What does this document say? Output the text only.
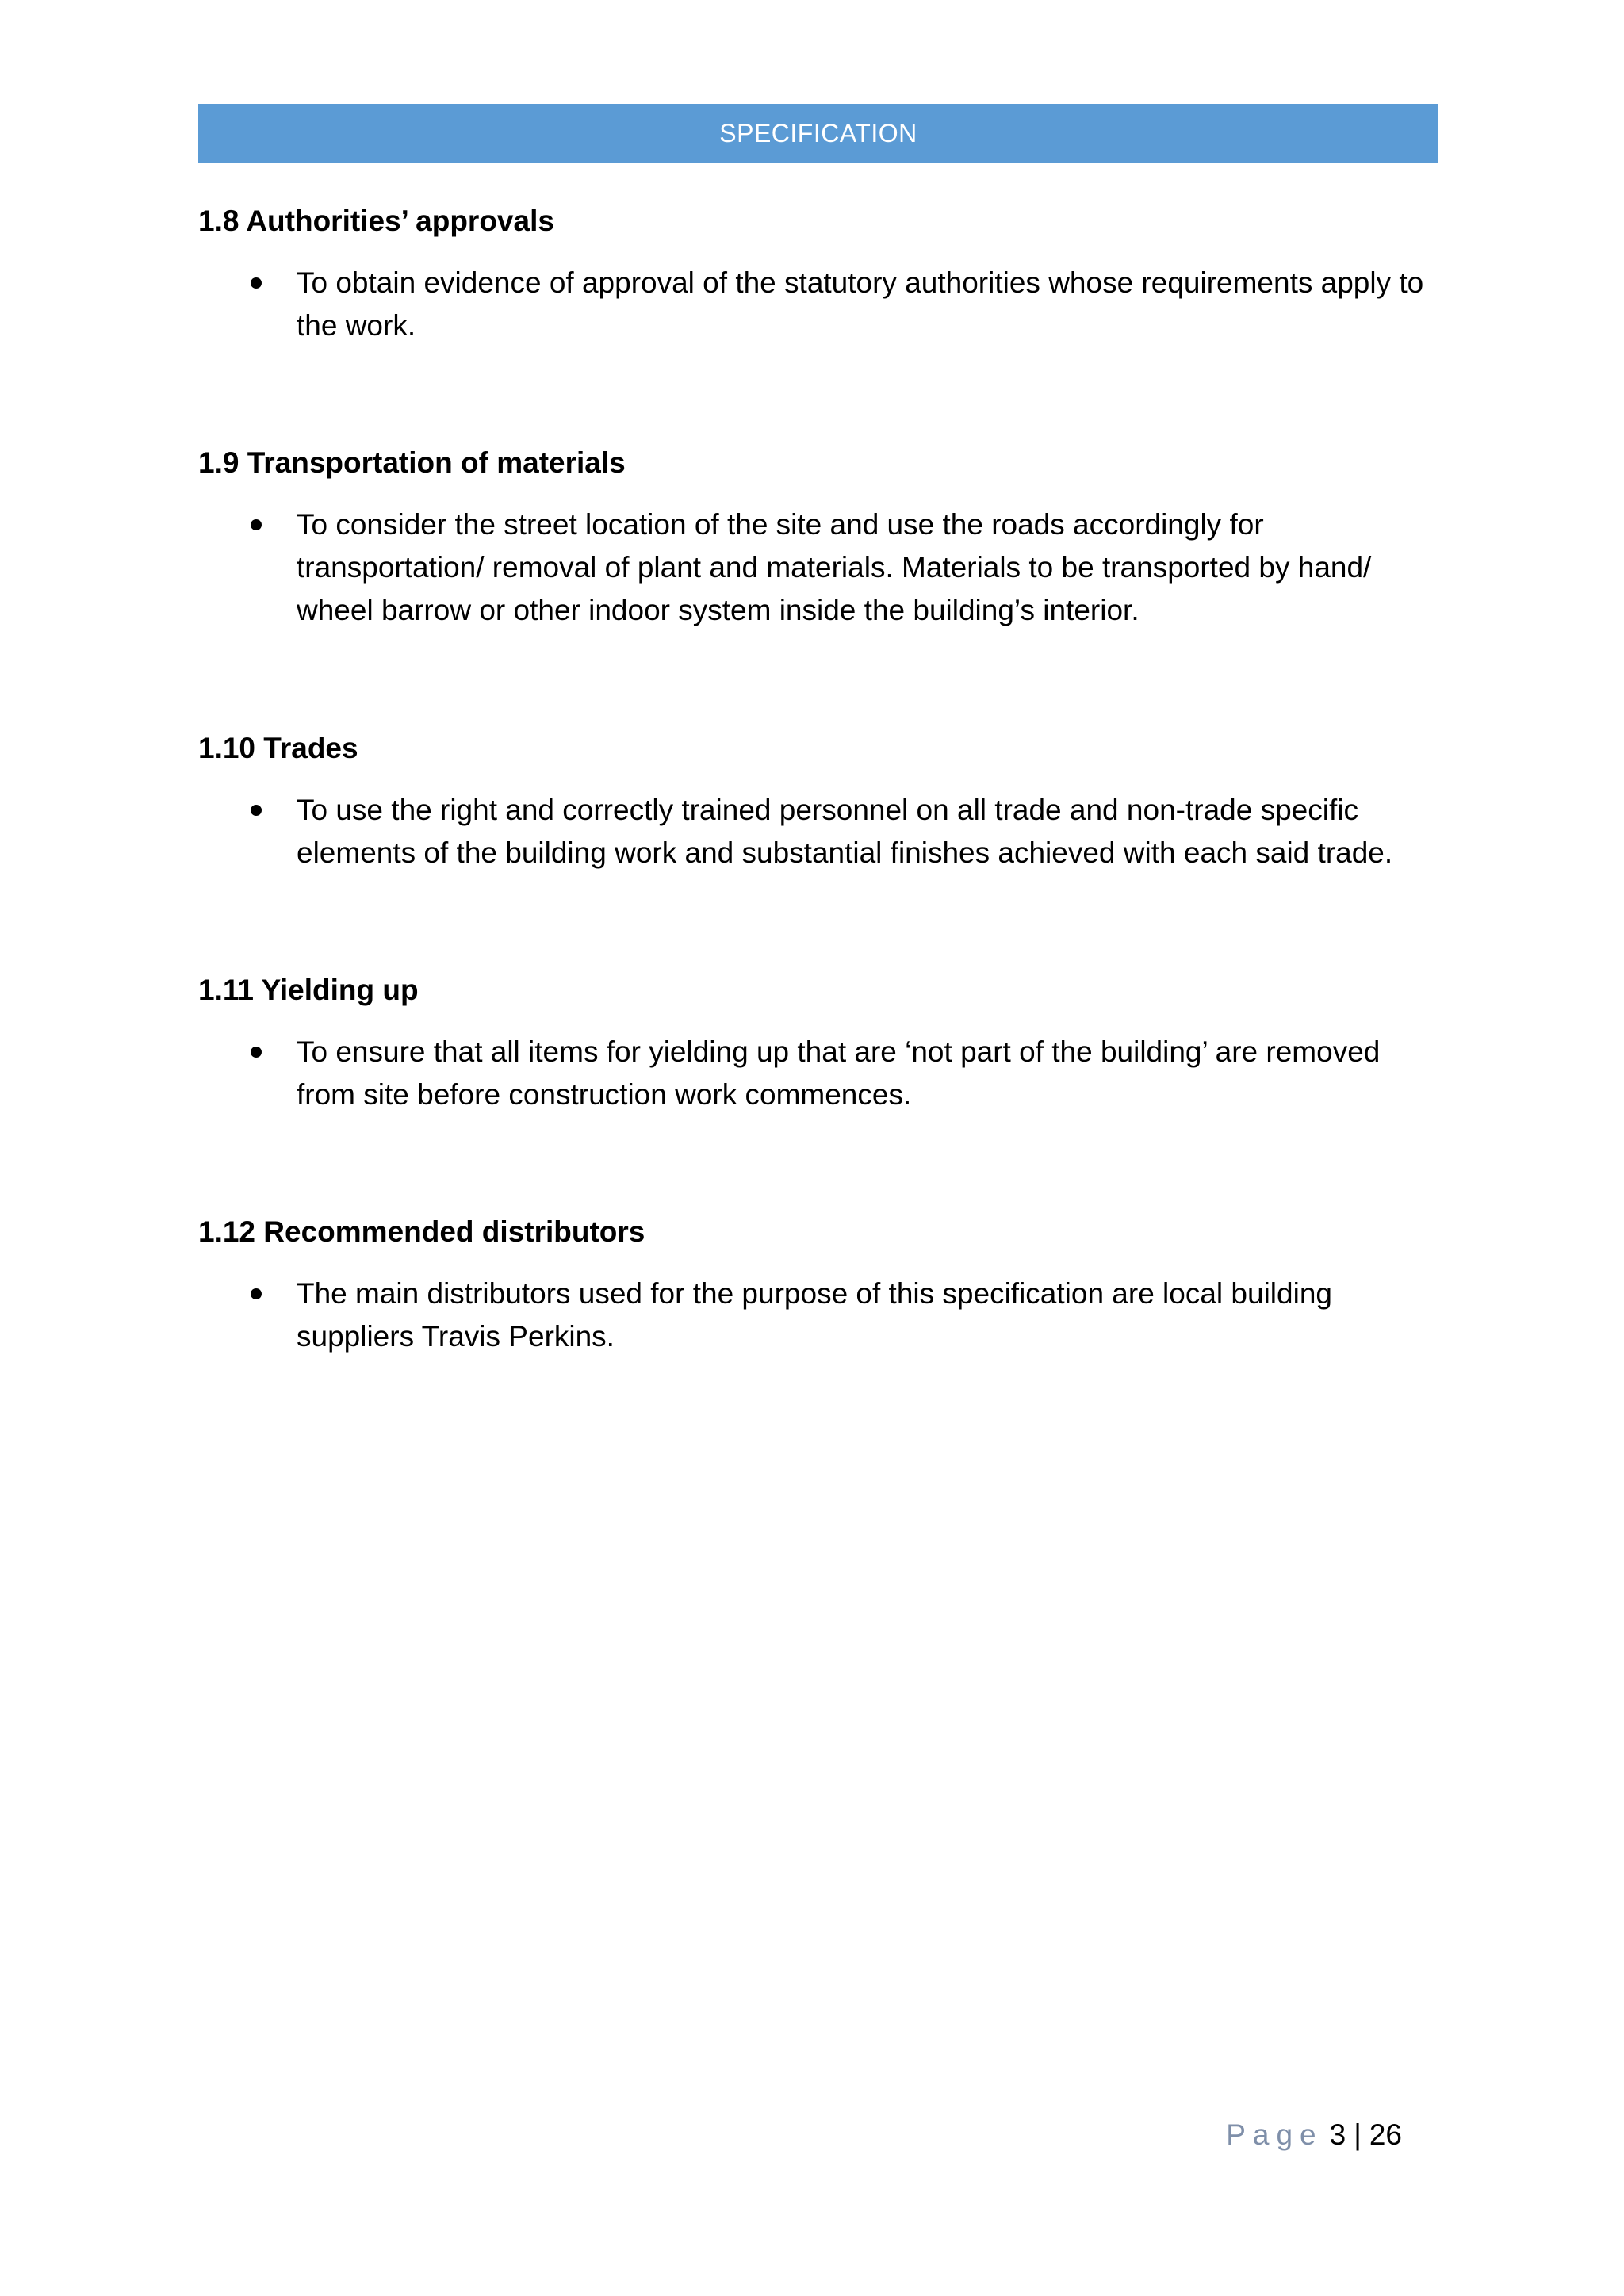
SPECIFICATION

1.8 Authorities’ approvals

To obtain evidence of approval of the statutory authorities whose requirements apply to the work.

1.9 Transportation of materials

To consider the street location of the site and use the roads accordingly for transportation/ removal of plant and materials. Materials to be transported by hand/ wheel barrow or other indoor system inside the building’s interior.

1.10 Trades

To use the right and correctly trained personnel on all trade and non-trade specific elements of the building work and substantial finishes achieved with each said trade.

1.11 Yielding up

To ensure that all items for yielding up that are ‘not part of the building’ are removed from site before construction work commences.

1.12 Recommended distributors

The main distributors used for the purpose of this specification are local building suppliers Travis Perkins.
Page 3 | 26
